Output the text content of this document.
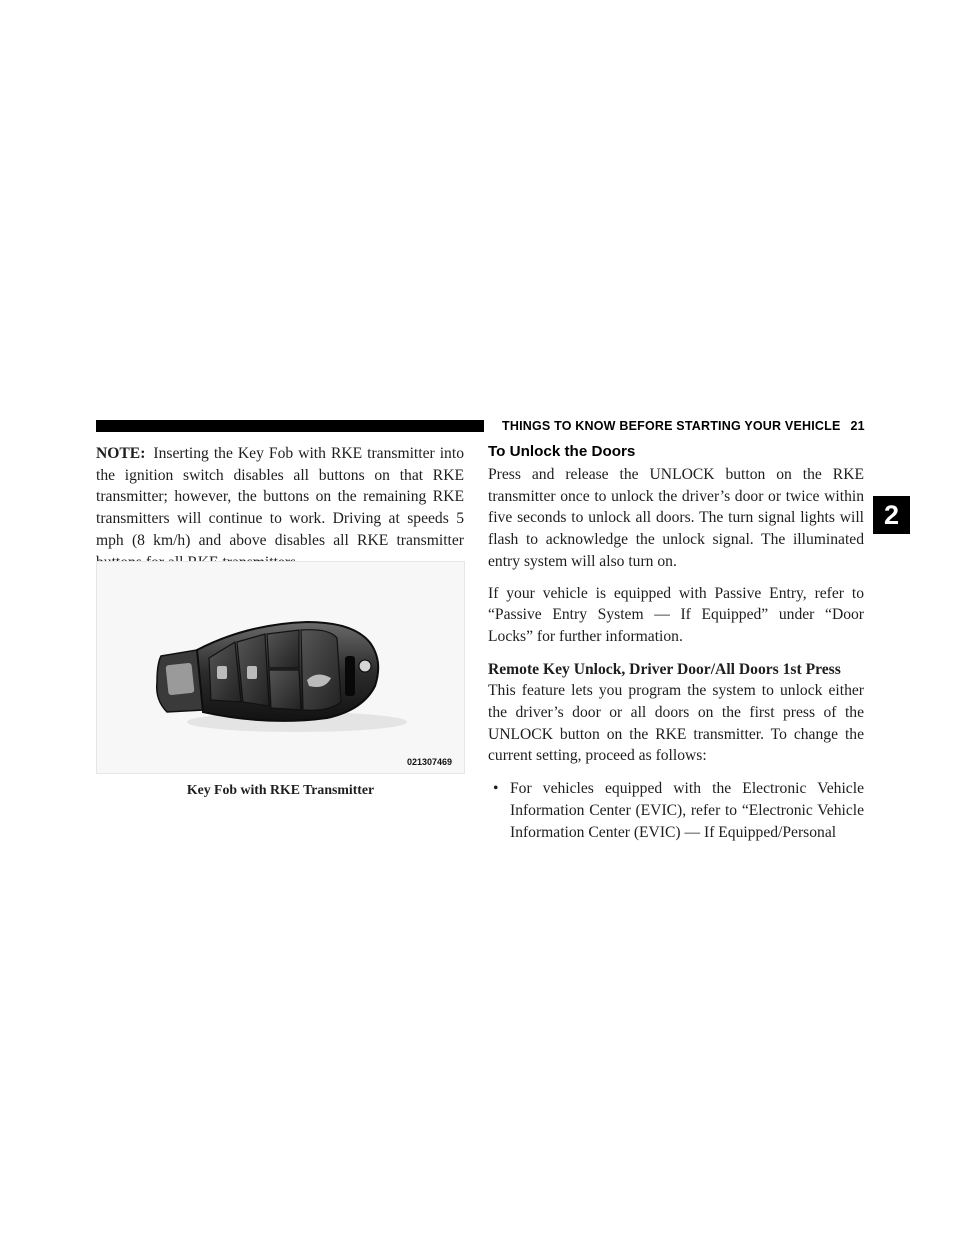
THINGS TO KNOW BEFORE STARTING YOUR VEHICLE 21
2

NOTE: Inserting the Key Fob with RKE transmitter into the ignition switch disables all buttons on that RKE transmitter; however, the buttons on the remaining RKE transmitters will continue to work. Driving at speeds 5 mph (8 km/h) and above disables all RKE transmitter

021307469
Key Fob with RKE Transmitter
To Unlock the Doors

Press and release the UNLOCK button on the RKE transmitter once to unlock the driver’s door or twice within five seconds to unlock all doors. The turn signal lights will flash to acknowledge the unlock signal. The illuminated entry system will also turn on.

If your vehicle is equipped with Passive Entry, refer to “Passive Entry System — If Equipped” under “Door Locks” for further information.

Remote Key Unlock, Driver Door/All Doors 1st Press

This feature lets you program the system to unlock either the driver’s door or all doors on the first press of the UNLOCK button on the RKE transmitter. To change the current setting, proceed as follows:

• For vehicles equipped with the Electronic Vehicle Information Center (EVIC), refer to “Electronic Vehicle Information Center (EVIC) — If Equipped/Personal
